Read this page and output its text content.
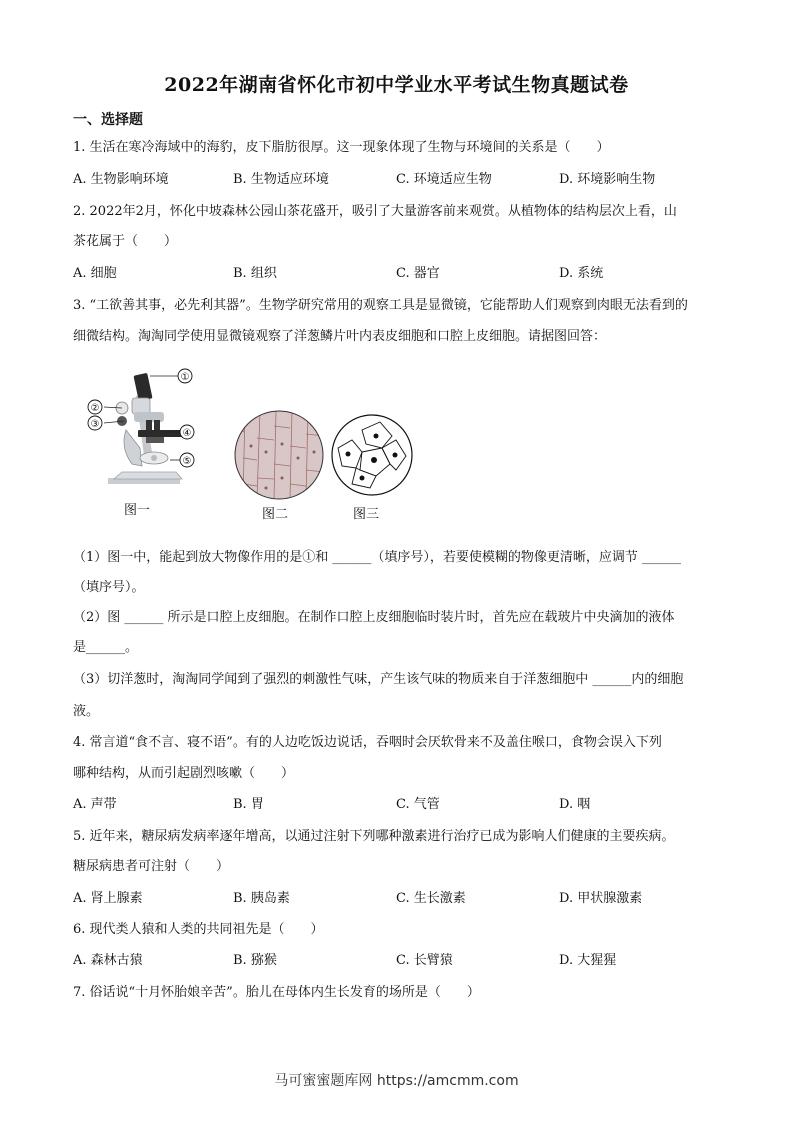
2022年湖南省怀化市初中学业水平考试生物真题试卷
一、选择题
1. 生活在寒冷海域中的海豹，皮下脂肪很厚。这一现象体现了生物与环境间的关系是（　　）
A. 生物影响环境	B. 生物适应环境	C. 环境适应生物	D. 环境影响生物
2. 2022年2月，怀化中坡森林公园山茶花盛开，吸引了大量游客前来观赏。从植物体的结构层次上看，山
茶花属于（　　）
A. 细胞	B. 组织	C. 器官	D. 系统
3. “工欲善其事，必先利其器”。生物学研究常用的观察工具是显微镜，它能帮助人们观察到肉眼无法看到的
细微结构。淘淘同学使用显微镜观察了洋葱鳞片叶内表皮细胞和口腔上皮细胞。请据图回答：
①
②
③
④
⑤
图一	图二	图三
（1）图一中，能起到放大物像作用的是①和 ______（填序号），若要使模糊的物像更清晰，应调节 ______
（填序号）。
（2）图 ______ 所示是口腔上皮细胞。在制作口腔上皮细胞临时装片时，首先应在载玻片中央滴加的液体
是______。
（3）切洋葱时，淘淘同学闻到了强烈的刺激性气味，产生该气味的物质来自于洋葱细胞中 ______内的细胞
液。
4. 常言道“食不言、寝不语”。有的人边吃饭边说话，吞咽时会厌软骨来不及盖住喉口，食物会误入下列
哪种结构，从而引起剧烈咳嗽（　　）
A. 声带	B. 胃	C. 气管	D. 咽
5. 近年来，糖尿病发病率逐年增高，以通过注射下列哪种激素进行治疗已成为影响人们健康的主要疾病。
糖尿病患者可注射（　　）
A. 肾上腺素	B. 胰岛素	C. 生长激素	D. 甲状腺激素
6. 现代类人猿和人类的共同祖先是（　　）
A. 森林古猿	B. 猕猴	C. 长臂猿	D. 大猩猩
7. 俗话说“十月怀胎娘辛苦”。胎儿在母体内生长发育的场所是（　　）
马可蜜蜜题库网 https://amcmm.com
